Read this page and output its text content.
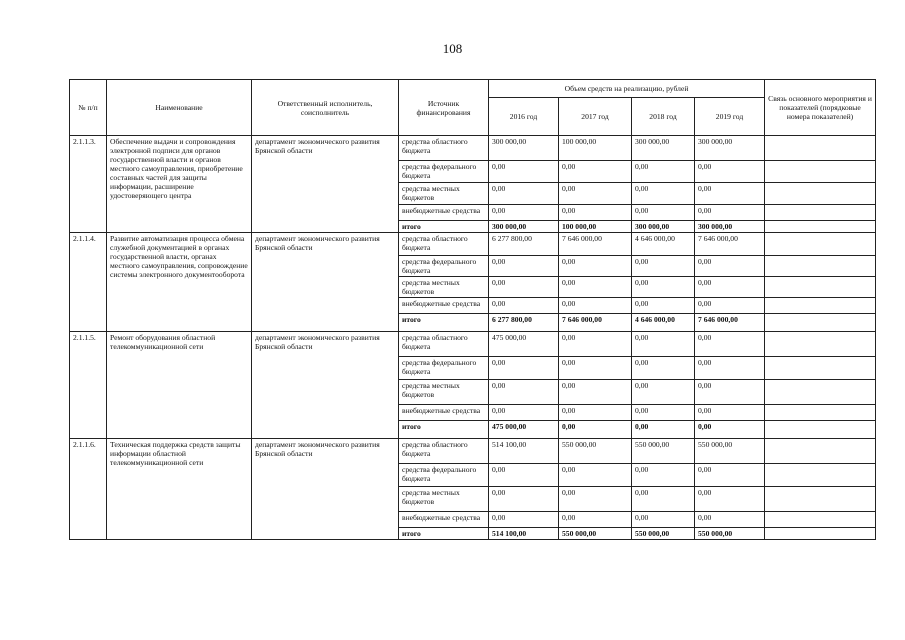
108
№ п/п	Наименование	Ответственный исполнитель, соисполнитель	Источник финансирования	Объем средств на реализацию, рублей				Связь основного мероприятия и показателей (порядковые номера показателей)
				2016 год	2017 год	2018 год	2019 год	
2.1.1.3.	Обеспечение выдачи и сопровождения электронной подписи для органов государственной власти и органов местного самоуправления, приобретение составных частей для защиты информации, расширение удостоверяющего центра	департамент экономического развития Брянской области	средства областного бюджета	300 000,00	100 000,00	300 000,00	300 000,00	
			средства федерального бюджета	0,00	0,00	0,00	0,00	
			средства местных бюджетов	0,00	0,00	0,00	0,00	
			внебюджетные средства	0,00	0,00	0,00	0,00	
			итого	300 000,00	100 000,00	300 000,00	300 000,00	
2.1.1.4.	Развитие автоматизация процесса обмена служебной документацией в органах государственной власти, органах местного самоуправления, сопровождение системы электронного документооборота	департамент экономического развития Брянской области	средства областного бюджета	6 277 800,00	7 646 000,00	4 646 000,00	7 646 000,00	
			средства федерального бюджета	0,00	0,00	0,00	0,00	
			средства местных бюджетов	0,00	0,00	0,00	0,00	
			внебюджетные средства	0,00	0,00	0,00	0,00	
			итого	6 277 800,00	7 646 000,00	4 646 000,00	7 646 000,00	
2.1.1.5.	Ремонт оборудования областной телекоммуникационной сети	департамент экономического развития Брянской области	средства областного бюджета	475 000,00	0,00	0,00	0,00	
			средства федерального бюджета	0,00	0,00	0,00	0,00	
			средства местных бюджетов	0,00	0,00	0,00	0,00	
			внебюджетные средства	0,00	0,00	0,00	0,00	
			итого	475 000,00	0,00	0,00	0,00	
2.1.1.6.	Техническая поддержка средств защиты информации областной телекоммуникационной сети	департамент экономического развития Брянской области	средства областного бюджета	514 100,00	550 000,00	550 000,00	550 000,00	
			средства федерального бюджета	0,00	0,00	0,00	0,00	
			средства местных бюджетов	0,00	0,00	0,00	0,00	
			внебюджетные средства	0,00	0,00	0,00	0,00	
			итого	514 100,00	550 000,00	550 000,00	550 000,00	
